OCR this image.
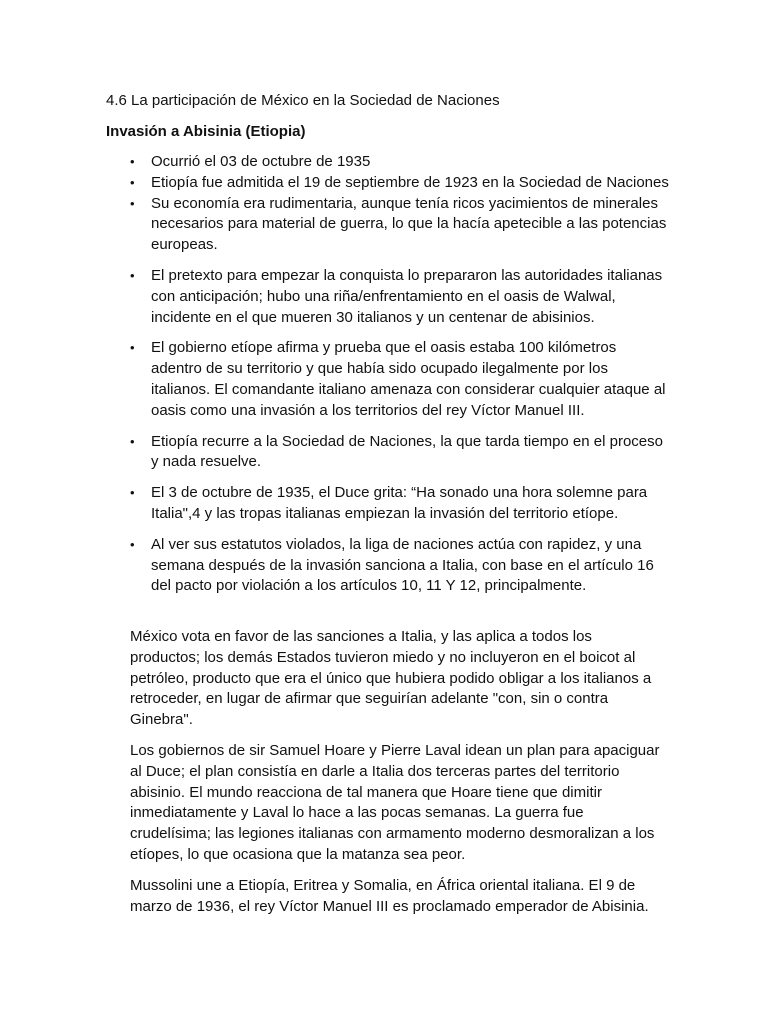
4.6 La participación de México en la Sociedad de Naciones
Invasión a Abisinia (Etiopia)
• Ocurrió el 03 de octubre de 1935
• Etiopía fue admitida el 19 de septiembre de 1923 en la Sociedad de Naciones
• Su economía era rudimentaria, aunque tenía ricos yacimientos de minerales necesarios para material de guerra, lo que la hacía apetecible a las potencias europeas.
• El pretexto para empezar la conquista lo prepararon las autoridades italianas con anticipación; hubo una riña/enfrentamiento en el oasis de Walwal, incidente en el que mueren 30 italianos y un centenar de abisinios.
• El gobierno etíope afirma y prueba que el oasis estaba 100 kilómetros adentro de su territorio y que había sido ocupado ilegalmente por los italianos. El comandante italiano amenaza con considerar cualquier ataque al oasis como una invasión a los territorios del rey Víctor Manuel III.
• Etiopía recurre a la Sociedad de Naciones, la que tarda tiempo en el proceso y nada resuelve.
• El 3 de octubre de 1935, el Duce grita: “Ha sonado una hora solemne para Italia",4 y las tropas italianas empiezan la invasión del territorio etíope.
• Al ver sus estatutos violados, la liga de naciones actúa con rapidez, y una semana después de la invasión sanciona a Italia, con base en el artículo 16 del pacto por violación a los artículos 10, 11 Y 12, principalmente.

México vota en favor de las sanciones a Italia, y las aplica a todos los productos; los demás Estados tuvieron miedo y no incluyeron en el boicot al petróleo, producto que era el único que hubiera podido obligar a los italianos a retroceder, en lugar de afirmar que seguirían adelante "con, sin o contra Ginebra".

Los gobiernos de sir Samuel Hoare y Pierre Laval idean un plan para apaciguar al Duce; el plan consistía en darle a Italia dos terceras partes del territorio abisinio. El mundo reacciona de tal manera que Hoare tiene que dimitir inmediatamente y Laval lo hace a las pocas semanas. La guerra fue crudelísima; las legiones italianas con armamento moderno desmoralizan a los etíopes, lo que ocasiona que la matanza sea peor.

Mussolini une a Etiopía, Eritrea y Somalia, en África oriental italiana. El 9 de marzo de 1936, el rey Víctor Manuel III es proclamado emperador de Abisinia.
